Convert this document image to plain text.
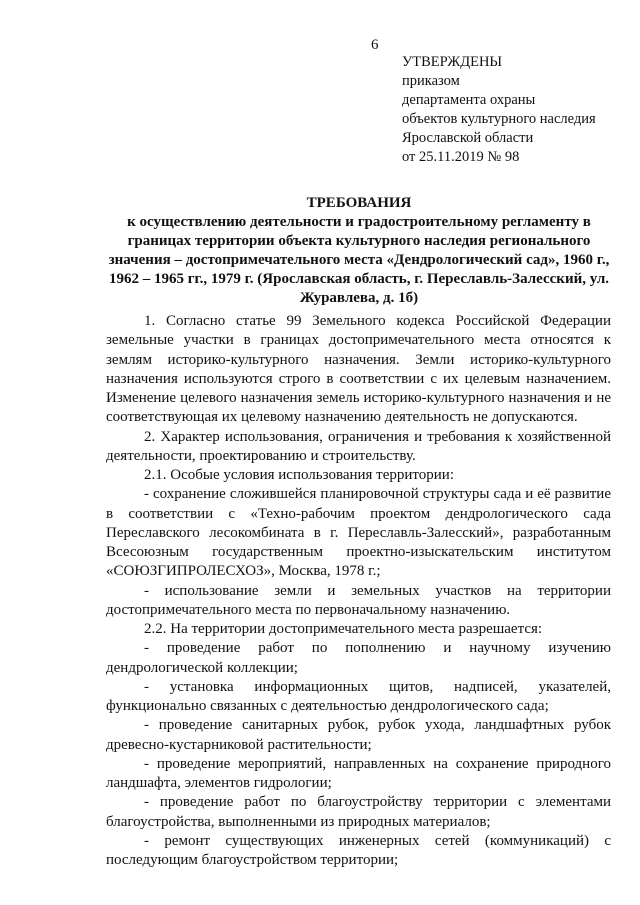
6
УТВЕРЖДЕНЫ
приказом
департамента охраны
объектов культурного наследия
Ярославской области
от 25.11.2019 № 98
ТРЕБОВАНИЯ
к осуществлению деятельности и градостроительному регламенту в границах территории объекта культурного наследия регионального значения – достопримечательного места «Дендрологический сад», 1960 г., 1962 – 1965 гг., 1979 г. (Ярославская область, г. Переславль-Залесский, ул. Журавлева, д. 1б)

1. Согласно статье 99 Земельного кодекса Российской Федерации земельные участки в границах достопримечательного места относятся к землям историко-культурного назначения. Земли историко-культурного назначения используются строго в соответствии с их целевым назначением. Изменение целевого назначения земель историко-культурного назначения и не соответствующая их целевому назначению деятельность не допускаются.

2. Характер использования, ограничения и требования к хозяйственной деятельности, проектированию и строительству.

2.1. Особые условия использования территории:

- сохранение сложившейся планировочной структуры сада и её развитие в соответствии с «Техно-рабочим проектом дендрологического сада Переславского лесокомбината в г. Переславль-Залесский», разработанным Всесоюзным государственным проектно-изыскательским институтом «СОЮЗГИПРОЛЕСХОЗ», Москва, 1978 г.;

- использование земли и земельных участков на территории достопримечательного места по первоначальному назначению.

2.2. На территории достопримечательного места разрешается:

- проведение работ по пополнению и научному изучению дендрологической коллекции;

- установка информационных щитов, надписей, указателей, функционально связанных с деятельностью дендрологического сада;

- проведение санитарных рубок, рубок ухода, ландшафтных рубок древесно-кустарниковой растительности;

- проведение мероприятий, направленных на сохранение природного ландшафта, элементов гидрологии;

- проведение работ по благоустройству территории с элементами благоустройства, выполненными из природных материалов;

- ремонт существующих инженерных сетей (коммуникаций) с последующим благоустройством территории;
